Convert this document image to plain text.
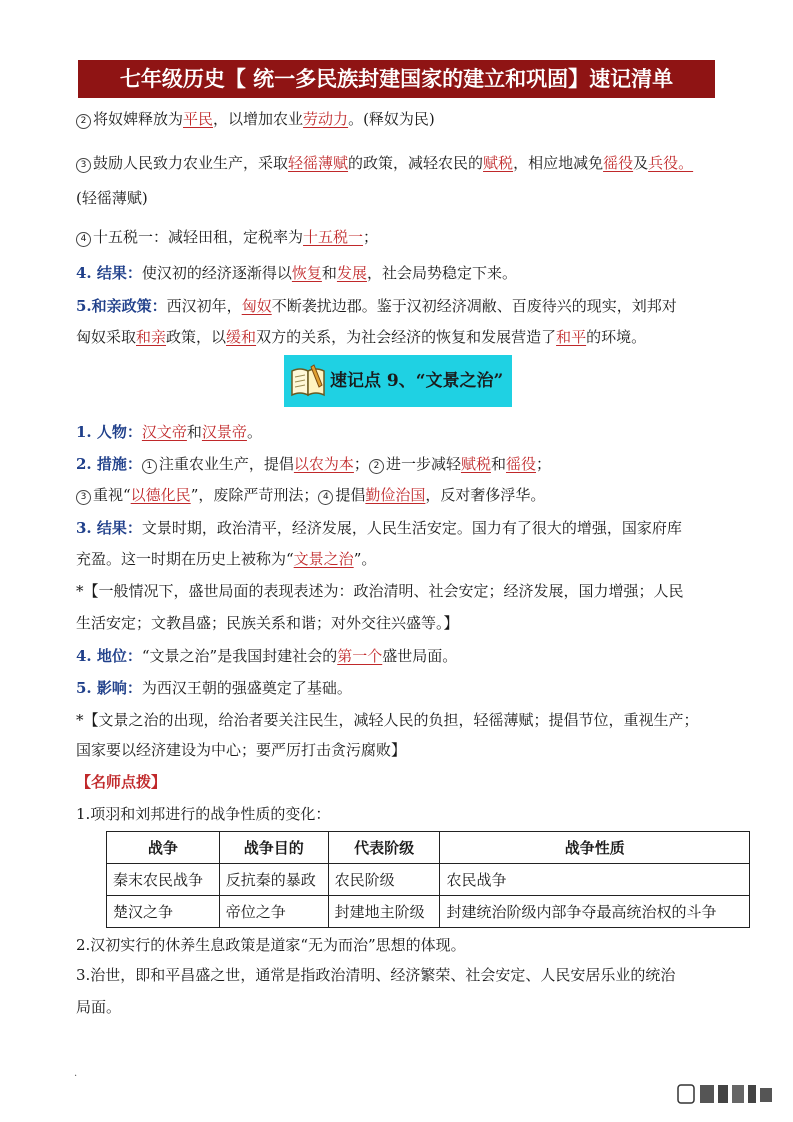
七年级历史【 统一多民族封建国家的建立和巩固】速记清单
2 将奴婢释放为平民，以增加农业劳动力。(释奴为民)
3 鼓励人民致力农业生产，采取轻徭薄赋的政策，减轻农民的赋税，相应地减免徭役及兵役。
(轻徭薄赋)
4 十五税一：减轻田租，定税率为十五税一；
4. 结果：使汉初的经济逐渐得以恢复和发展，社会局势稳定下来。
5.和亲政策：西汉初年，匈奴不断袭扰边郡。鉴于汉初经济凋敝、百废待兴的现实，刘邦对
匈奴采取和亲政策，以缓和双方的关系，为社会经济的恢复和发展营造了和平的环境。
速记点 9、“文景之治”
1. 人物：汉文帝和汉景帝。
2. 措施： 1 注重农业生产，提倡以农为本； 2 进一步减轻赋税和徭役；
3 重视“以德化民”，废除严苛刑法； 4 提倡勤俭治国，反对奢侈浮华。
3. 结果：文景时期，政治清平，经济发展，人民生活安定。国力有了很大的增强，国家府库
充盈。这一时期在历史上被称为“文景之治”。
*【一般情况下，盛世局面的表现表述为：政治清明、社会安定；经济发展，国力增强；人民
生活安定；文教昌盛；民族关系和谐；对外交往兴盛等。】
4. 地位：“文景之治”是我国封建社会的第一个盛世局面。
5. 影响：为西汉王朝的强盛奠定了基础。
*【文景之治的出现，给治者要关注民生，减轻人民的负担，轻徭薄赋；提倡节位，重视生产；
国家要以经济建设为中心；要严厉打击贪污腐败】
【名师点拨】
1.项羽和刘邦进行的战争性质的变化：
战争	战争目的	代表阶级	战争性质
秦末农民战争	反抗秦的暴政	农民阶级	农民战争
楚汉之争	帝位之争	封建地主阶级	封建统治阶级内部争夺最高统治权的斗争
2.汉初实行的休养生息政策是道家“无为而治”思想的体现。
3.治世，即和平昌盛之世，通常是指政治清明、经济繁荣、社会安定、人民安居乐业的统治
局面。
.
